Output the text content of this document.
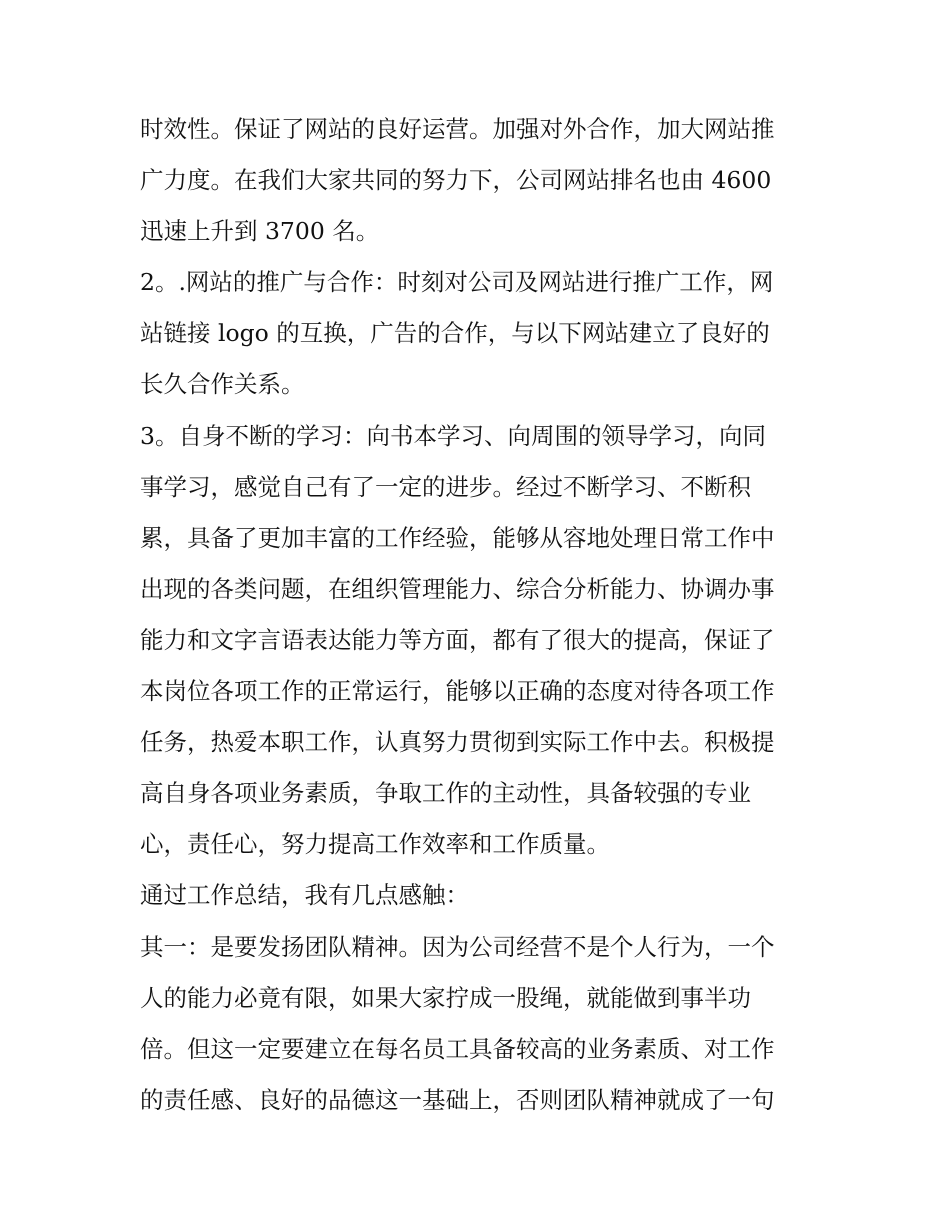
时效性。保证了网站的良好运营。加强对外合作，加大网站推
广力度。在我们大家共同的努力下，公司网站排名也由 4600
迅速上升到 3700 名。
2。.网站的推广与合作：时刻对公司及网站进行推广工作，网
站链接 logo 的互换，广告的合作，与以下网站建立了良好的
长久合作关系。
3。自身不断的学习：向书本学习、向周围的领导学习，向同
事学习，感觉自己有了一定的进步。经过不断学习、不断积
累，具备了更加丰富的工作经验，能够从容地处理日常工作中
出现的各类问题，在组织管理能力、综合分析能力、协调办事
能力和文字言语表达能力等方面，都有了很大的提高，保证了
本岗位各项工作的正常运行，能够以正确的态度对待各项工作
任务，热爱本职工作，认真努力贯彻到实际工作中去。积极提
高自身各项业务素质，争取工作的主动性，具备较强的专业
心，责任心，努力提高工作效率和工作质量。
通过工作总结，我有几点感触：
其一：是要发扬团队精神。因为公司经营不是个人行为，一个
人的能力必竟有限，如果大家拧成一股绳，就能做到事半功
倍。但这一定要建立在每名员工具备较高的业务素质、对工作
的责任感、良好的品德这一基础上，否则团队精神就成了一句
